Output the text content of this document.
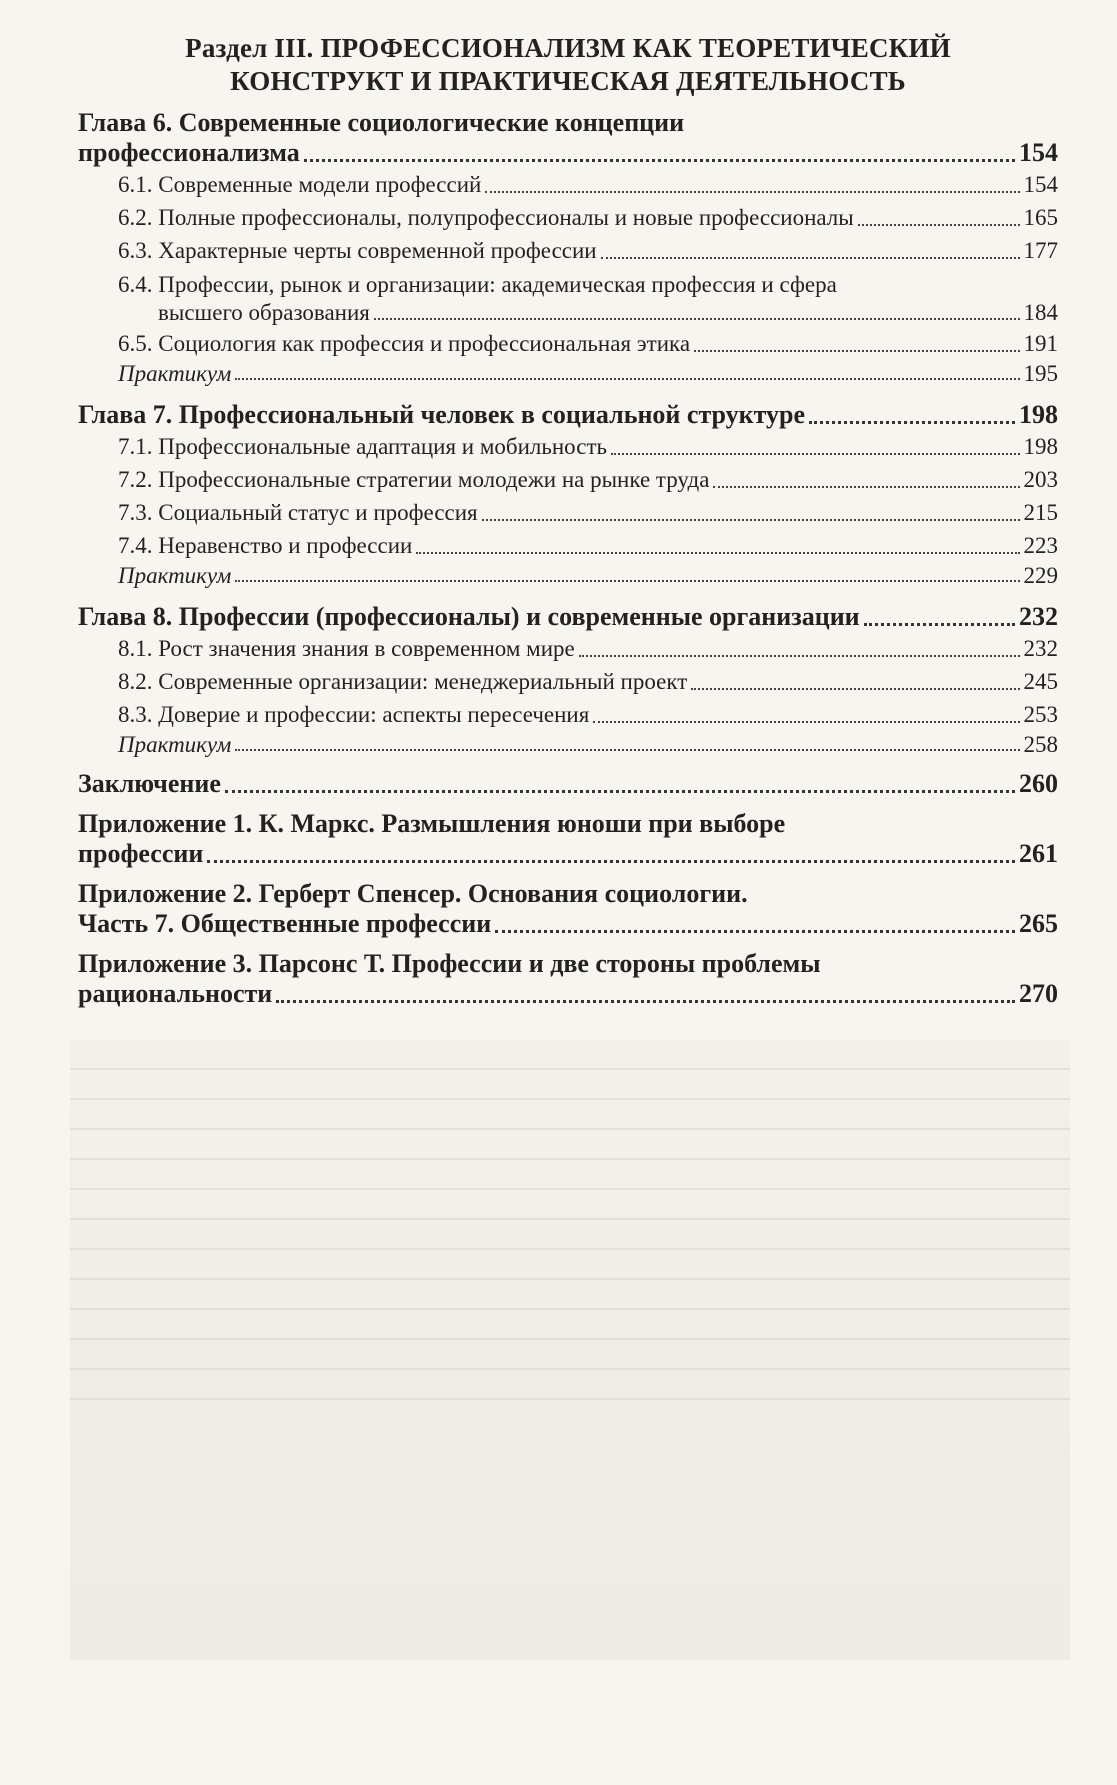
Раздел III. ПРОФЕССИОНАЛИЗМ КАК ТЕОРЕТИЧЕСКИЙ
КОНСТРУКТ И ПРАКТИЧЕСКАЯ ДЕЯТЕЛЬНОСТЬ
Глава 6. Современные социологические концепции
профессионализма	154
6.1. Современные модели профессий	154
6.2. Полные профессионалы, полупрофессионалы и новые профессионалы	165
6.3. Характерные черты современной профессии	177
6.4. Профессии, рынок и организации: академическая профессия и сфера
высшего образования	184
6.5. Социология как профессия и профессиональная этика	191
Практикум	195
Глава 7. Профессиональный человек в социальной структуре	198
7.1. Профессиональные адаптация и мобильность	198
7.2. Профессиональные стратегии молодежи на рынке труда	203
7.3. Социальный статус и профессия	215
7.4. Неравенство и профессии	223
Практикум	229
Глава 8. Профессии (профессионалы) и современные организации	232
8.1. Рост значения знания в современном мире	232
8.2. Современные организации: менеджериальный проект	245
8.3. Доверие и профессии: аспекты пересечения	253
Практикум	258
Заключение	260
Приложение 1. К. Маркс. Размышления юноши при выборе
профессии	261
Приложение 2. Герберт Спенсер. Основания социологии.
Часть 7. Общественные профессии	265
Приложение 3. Парсонс Т. Профессии и две стороны проблемы
рациональности	270
